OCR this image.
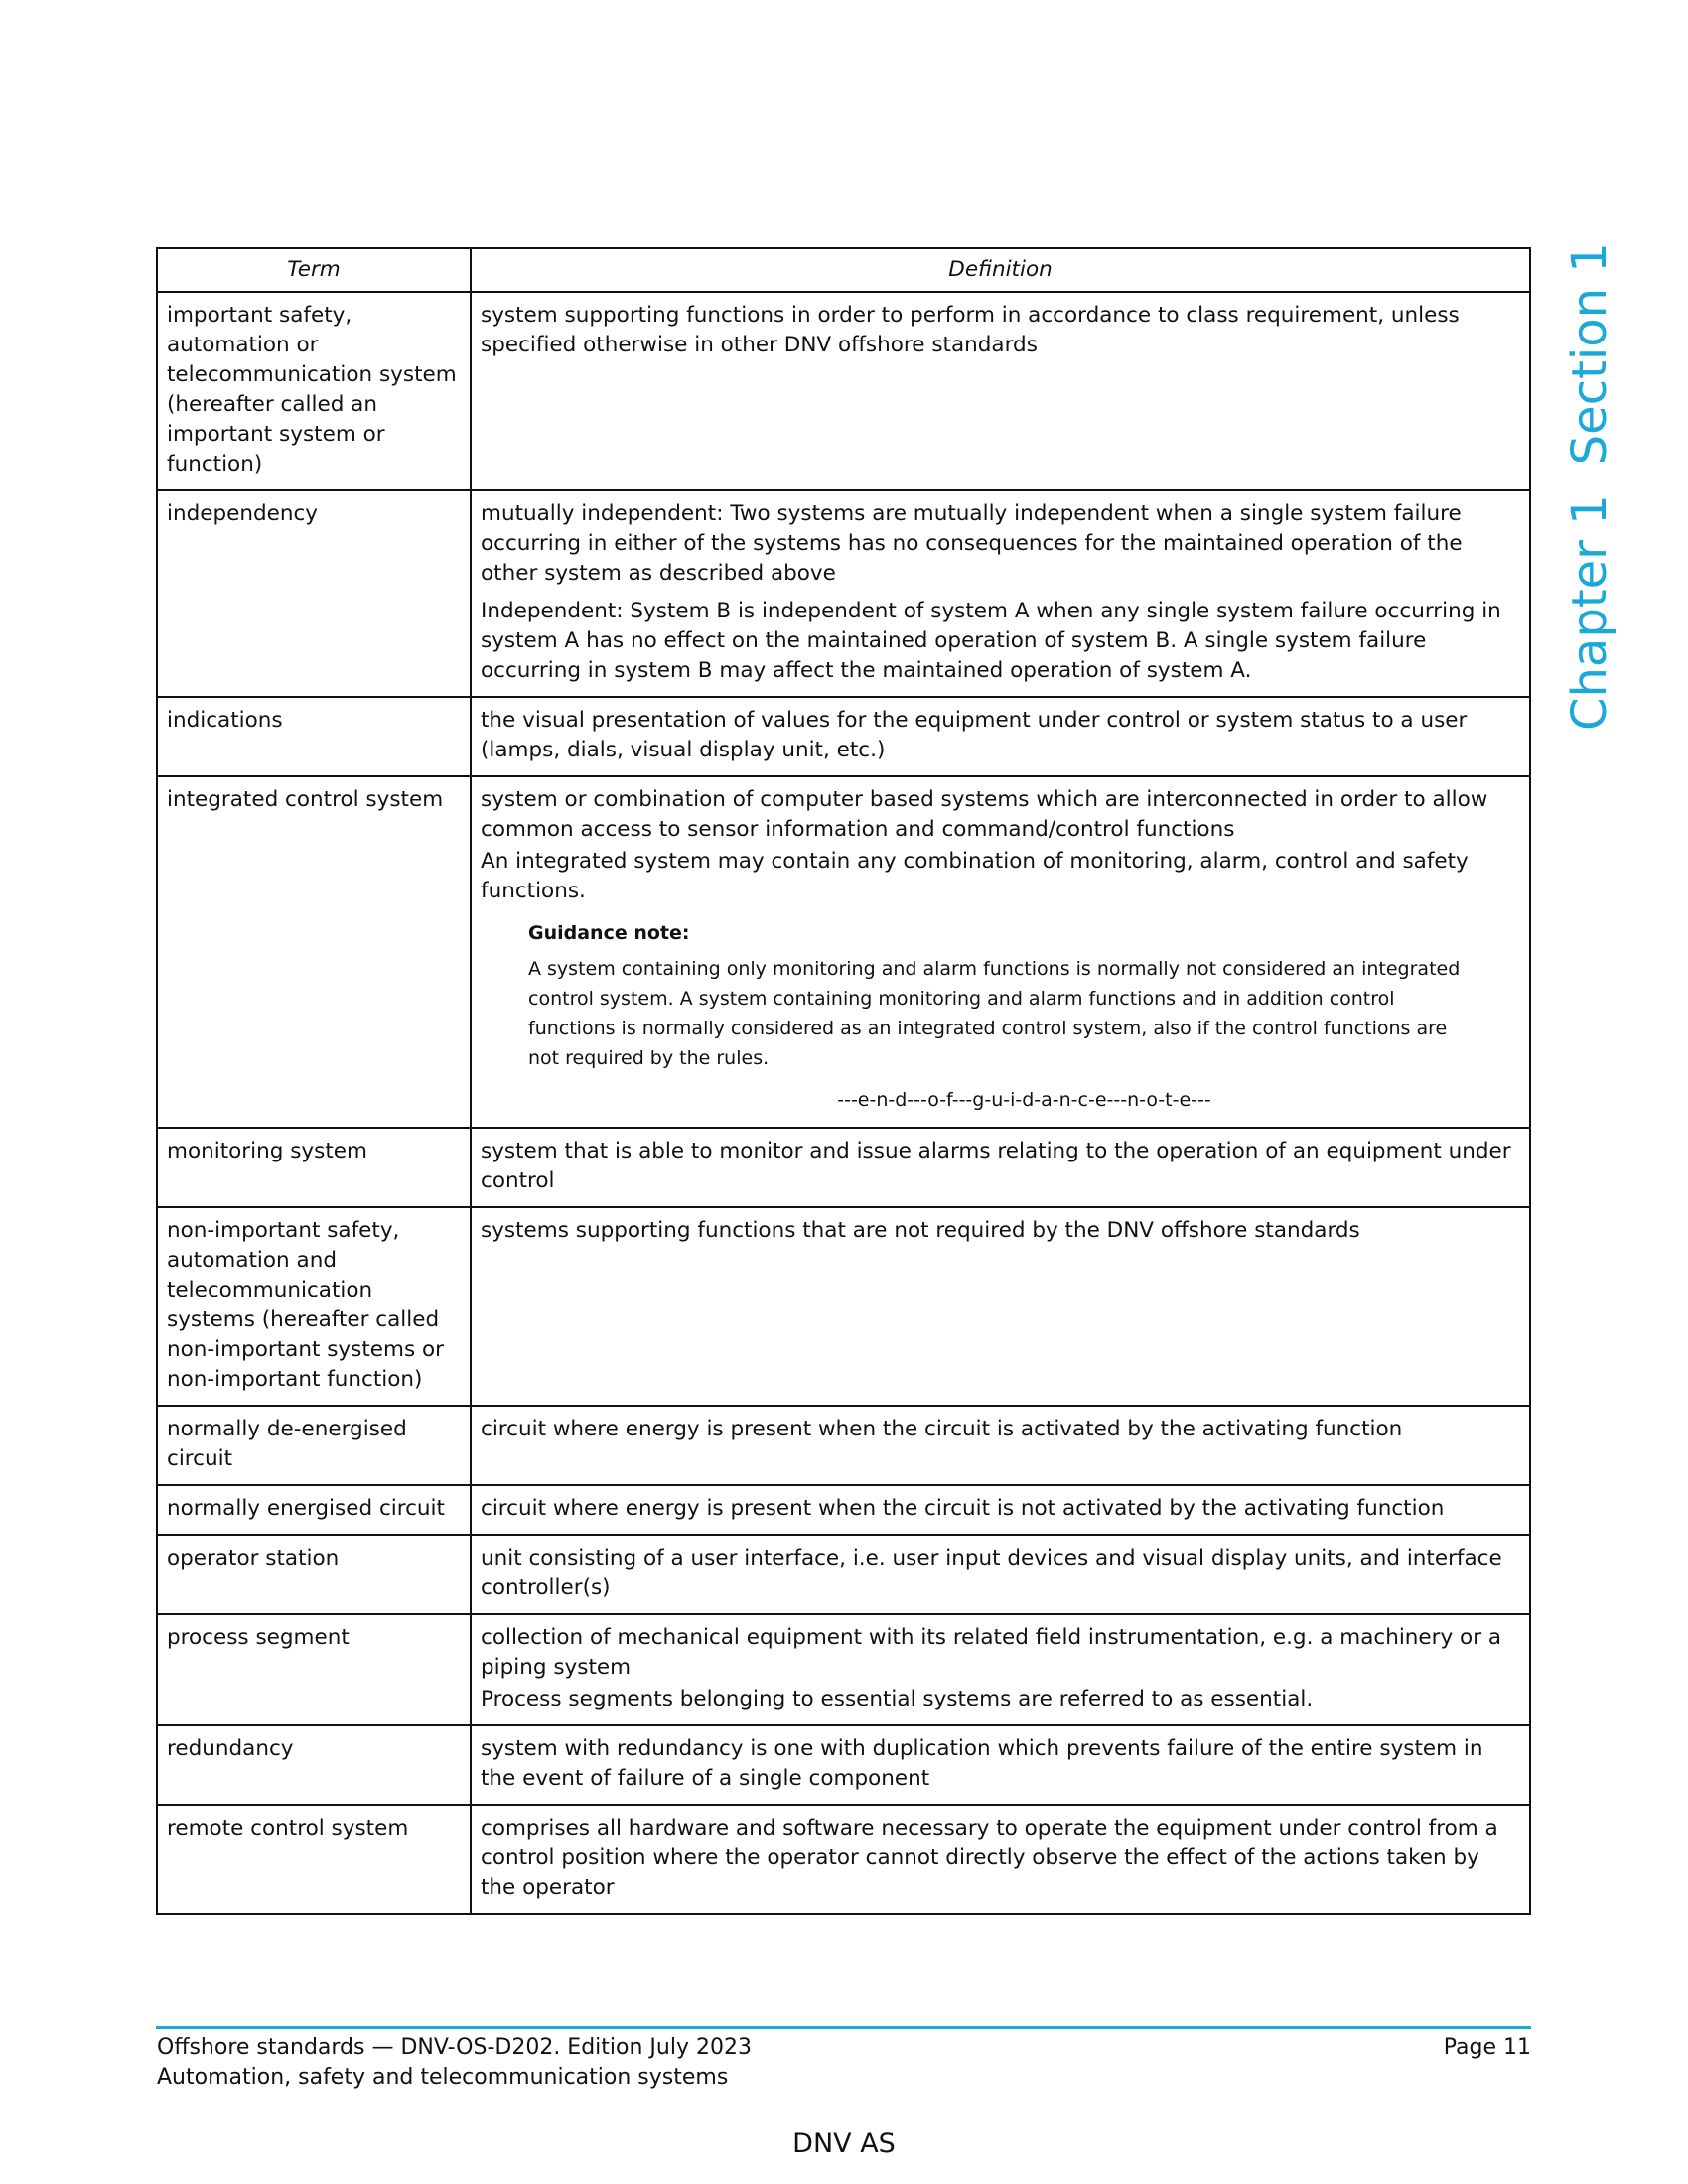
Term	Definition
important safety, automation or telecommunication system (hereafter called an important system or function)	system supporting functions in order to perform in accordance to class requirement, unless specified otherwise in other DNV offshore standards

independency	mutually independent: Two systems are mutually independent when a single system failure occurring in either of the systems has no consequences for the maintained operation of the other system as described above

Independent: System B is independent of system A when any single system failure occurring in system A has no effect on the maintained operation of system B. A single system failure occurring in system B may affect the maintained operation of system A.

indications	the visual presentation of values for the equipment under control or system status to a user (lamps, dials, visual display unit, etc.)

integrated control system	system or combination of computer based systems which are interconnected in order to allow common access to sensor information and command/control functions

An integrated system may contain any combination of monitoring, alarm, control and safety functions.

Guidance note:
A system containing only monitoring and alarm functions is normally not considered an integrated control system. A system containing monitoring and alarm functions and in addition control functions is normally considered as an integrated control system, also if the control functions are not required by the rules.
---e-n-d---o-f---g-u-i-d-a-n-c-e---n-o-t-e---

monitoring system	system that is able to monitor and issue alarms relating to the operation of an equipment under control

non-important safety, automation and telecommunication systems (hereafter called non-important systems or non-important function)	systems supporting functions that are not required by the DNV offshore standards

normally de-energised circuit	circuit where energy is present when the circuit is activated by the activating function

normally energised circuit	circuit where energy is present when the circuit is not activated by the activating function

operator station	unit consisting of a user interface, i.e. user input devices and visual display units, and interface controller(s)

process segment	collection of mechanical equipment with its related field instrumentation, e.g. a machinery or a piping system

Process segments belonging to essential systems are referred to as essential.

redundancy	system with redundancy is one with duplication which prevents failure of the entire system in the event of failure of a single component

remote control system	comprises all hardware and software necessary to operate the equipment under control from a control position where the operator cannot directly observe the effect of the actions taken by the operator

Chapter 1Section 1
Offshore standards — DNV-OS-D202. Edition July 2023
Automation, safety and telecommunication systems
Page 11
DNV AS
